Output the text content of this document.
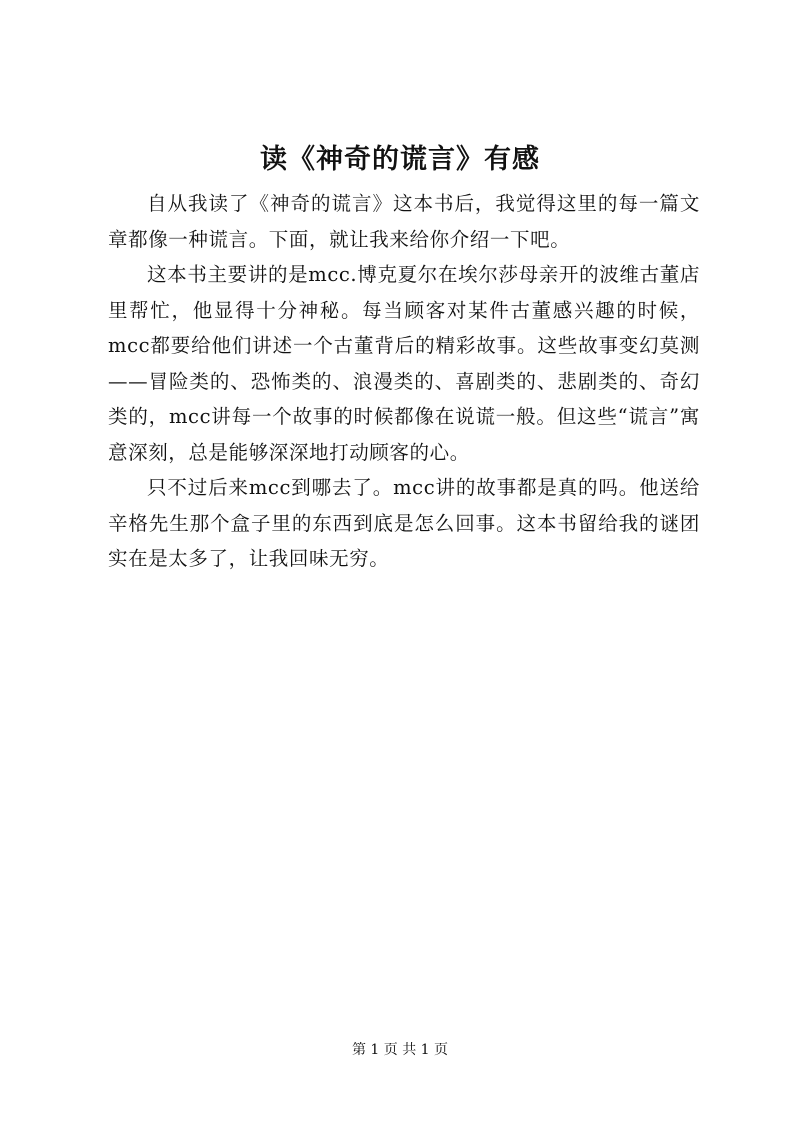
读《神奇的谎言》有感

自从我读了《神奇的谎言》这本书后，我觉得这里的每一篇文章都像一种谎言。下面，就让我来给你介绍一下吧。

这本书主要讲的是mcc.博克夏尔在埃尔莎母亲开的波维古董店里帮忙，他显得十分神秘。每当顾客对某件古董感兴趣的时候，mcc都要给他们讲述一个古董背后的精彩故事。这些故事变幻莫测——冒险类的、恐怖类的、浪漫类的、喜剧类的、悲剧类的、奇幻类的，mcc讲每一个故事的时候都像在说谎一般。但这些“谎言”寓意深刻，总是能够深深地打动顾客的心。

只不过后来mcc到哪去了。mcc讲的故事都是真的吗。他送给辛格先生那个盒子里的东西到底是怎么回事。这本书留给我的谜团实在是太多了，让我回味无穷。

第 1 页 共 1 页
